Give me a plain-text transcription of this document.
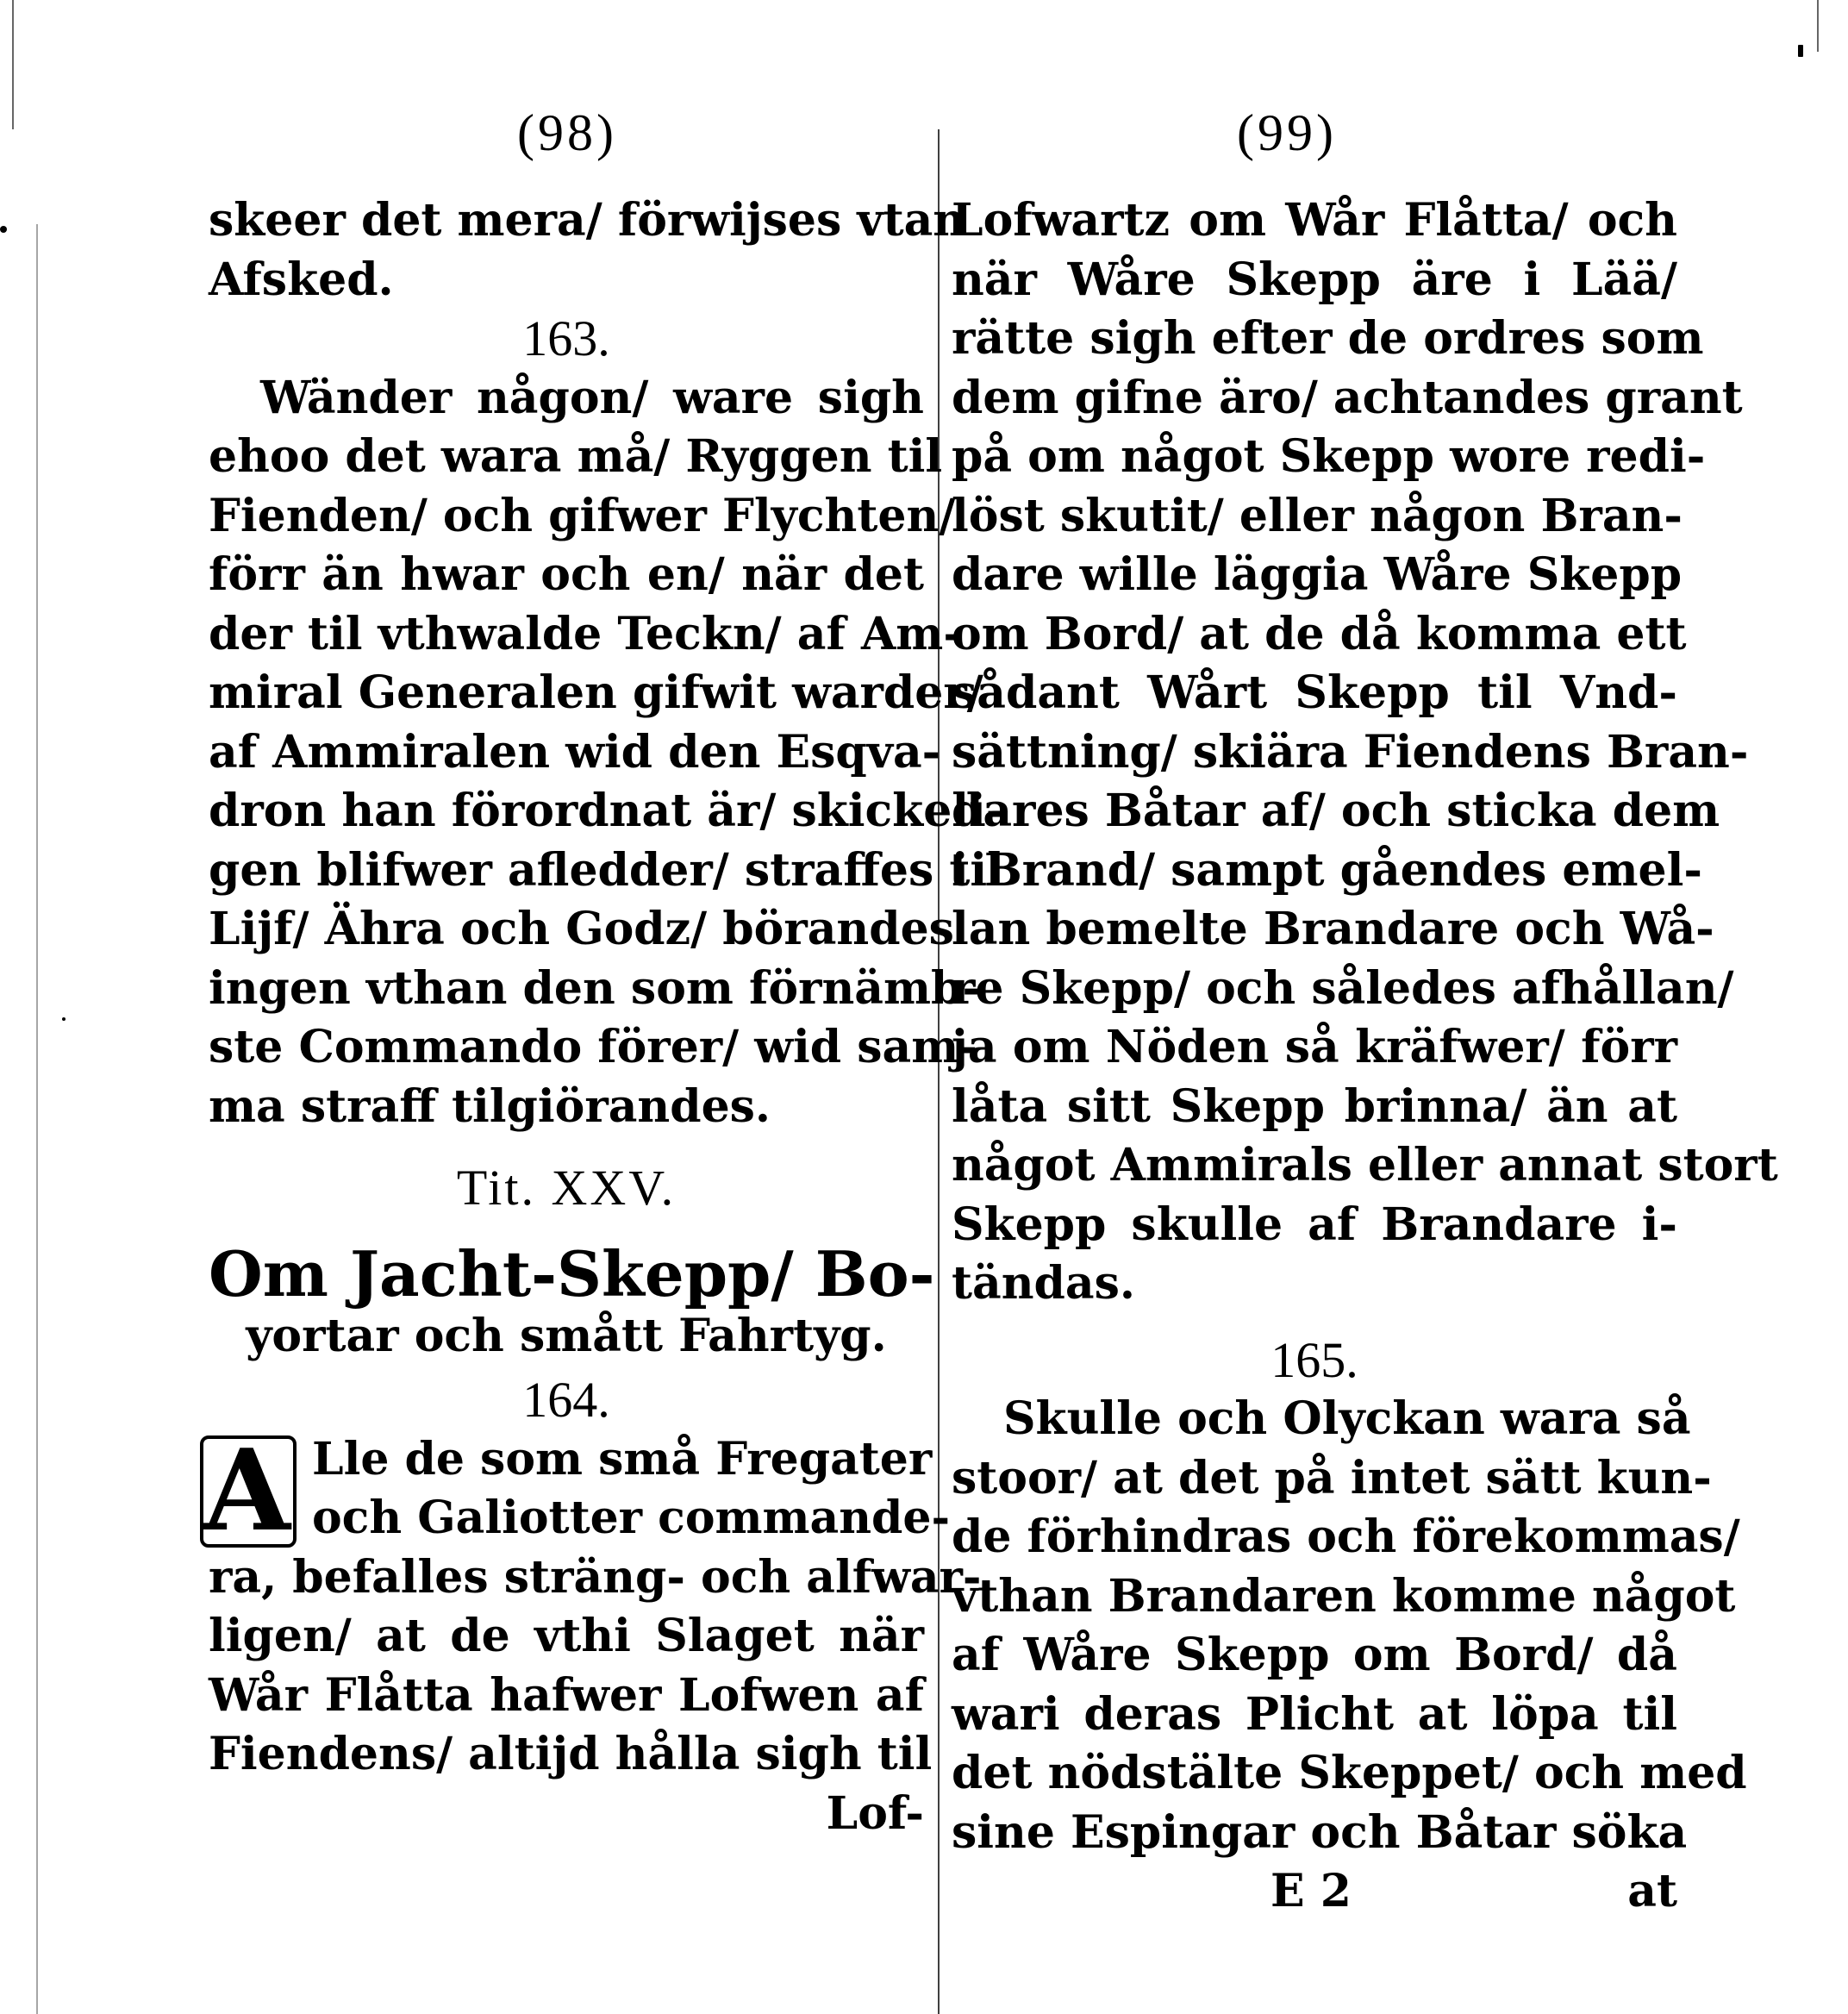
(98)
skeer det mera/ förwijses vtan
Afsked.
163.
Wänder någon/ ware sigh
ehoo det wara må/ Ryggen til
Fienden/ och gifwer Flychten/
förr än hwar och en/ när det
der til vthwalde Teckn/ af Am-
miral Generalen gifwit warder/
af Ammiralen wid den Esqva-
dron han förordnat är/ skickeli-
gen blifwer afledder/ straffes til
Lijf/ Ähra och Godz/ börandes
ingen vthan den som förnämb-
ste Commando förer/ wid sam-
ma straff tilgiörandes.
Tit. XXV.
Om Jacht-Skepp/ Bo-
yortar och smått Fahrtyg.
164.
A Lle de som små Fregater
och Galiotter commande-
ra, befalles sträng- och alfwar-
ligen/ at de vthi Slaget när
Wår Flåtta hafwer Lofwen af
Fiendens/ altijd hålla sigh til
Lof-
(99)
Lofwartz om Wår Flåtta/ och
när Wåre Skepp äre i Lää/
rätte sigh efter de ordres som
dem gifne äro/ achtandes grant
på om något Skepp wore redi-
löst skutit/ eller någon Bran-
dare wille läggia Wåre Skepp
om Bord/ at de då komma ett
sådant Wårt Skepp til Vnd-
sättning/ skiära Fiendens Bran-
dares Båtar af/ och sticka dem
i Brand/ sampt gåendes emel-
lan bemelte Brandare och Wå-
re Skepp/ och således afhållan/
ja om Nöden så kräfwer/ förr
låta sitt Skepp brinna/ än at
något Ammirals eller annat stort
Skepp skulle af Brandare i-
tändas.
165.
Skulle och Olyckan wara så
stoor/ at det på intet sätt kun-
de förhindras och förekommas/
vthan Brandaren komme något
af Wåre Skepp om Bord/ då
wari deras Plicht at löpa til
det nödstälte Skeppet/ och med
sine Espingar och Båtar söka
E 2	at
